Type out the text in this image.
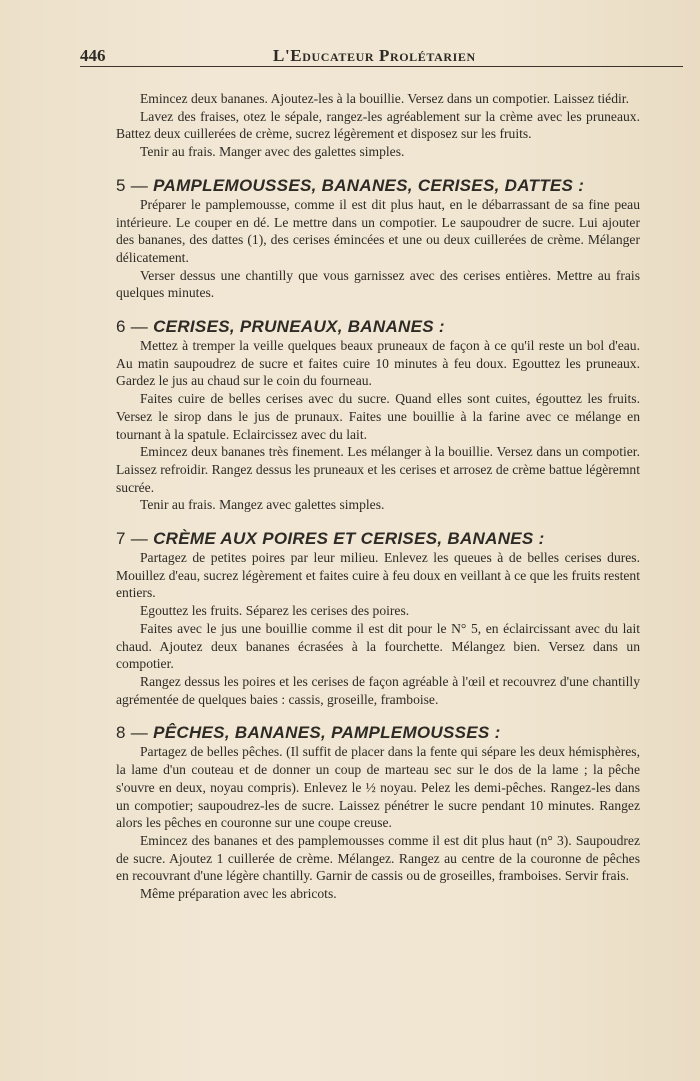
446	L'Educateur Prolétarien

Emincez deux bananes. Ajoutez-les à la bouillie. Versez dans un compotier. Laissez tiédir.

Lavez des fraises, otez le sépale, rangez-les agréablement sur la crème avec les pruneaux. Battez deux cuillerées de crème, sucrez légèrement et disposez sur les fruits.

Tenir au frais. Manger avec des galettes simples.

5 — PAMPLEMOUSSES, BANANES, CERISES, DATTES :

Préparer le pamplemousse, comme il est dit plus haut, en le débarrassant de sa fine peau intérieure. Le couper en dé. Le mettre dans un compotier. Le saupoudrer de sucre. Lui ajouter des bananes, des dattes (1), des cerises émincées et une ou deux cuillerées de crème. Mélanger délicatement.

Verser dessus une chantilly que vous garnissez avec des cerises entières. Mettre au frais quelques minutes.

6 — CERISES, PRUNEAUX, BANANES :

Mettez à tremper la veille quelques beaux pruneaux de façon à ce qu'il reste un bol d'eau. Au matin saupoudrez de sucre et faites cuire 10 minutes à feu doux. Egouttez les pruneaux. Gardez le jus au chaud sur le coin du fourneau.

Faites cuire de belles cerises avec du sucre. Quand elles sont cuites, égouttez les fruits. Versez le sirop dans le jus de prunaux. Faites une bouillie à la farine avec ce mélange en tournant à la spatule. Eclaircissez avec du lait.

Emincez deux bananes très finement. Les mélanger à la bouillie. Versez dans un compotier. Laissez refroidir. Rangez dessus les pruneaux et les cerises et arrosez de crème battue légèremnt sucrée.

Tenir au frais. Mangez avec galettes simples.

7 — CRÈME AUX POIRES ET CERISES, BANANES :

Partagez de petites poires par leur milieu. Enlevez les queues à de belles cerises dures. Mouillez d'eau, sucrez légèrement et faites cuire à feu doux en veillant à ce que les fruits restent entiers.

Egouttez les fruits. Séparez les cerises des poires.

Faites avec le jus une bouillie comme il est dit pour le N° 5, en éclaircissant avec du lait chaud. Ajoutez deux bananes écrasées à la fourchette. Mélangez bien. Versez dans un compotier.

Rangez dessus les poires et les cerises de façon agréable à l'œil et recouvrez d'une chantilly agrémentée de quelques baies : cassis, groseille, framboise.

8 — PÊCHES, BANANES, PAMPLEMOUSSES :

Partagez de belles pêches. (Il suffit de placer dans la fente qui sépare les deux hémisphères, la lame d'un couteau et de donner un coup de marteau sec sur le dos de la lame ; la pêche s'ouvre en deux, noyau compris). Enlevez le ½ noyau. Pelez les demi-pêches. Rangez-les dans un compotier; saupoudrez-les de sucre. Laissez pénétrer le sucre pendant 10 minutes. Rangez alors les pêches en couronne sur une coupe creuse.

Emincez des bananes et des pamplemousses comme il est dit plus haut (n° 3). Saupoudrez de sucre. Ajoutez 1 cuillerée de crème. Mélangez. Rangez au centre de la couronne de pêches en recouvrant d'une légère chantilly. Garnir de cassis ou de groseilles, framboises. Servir frais.

Même préparation avec les abricots.
